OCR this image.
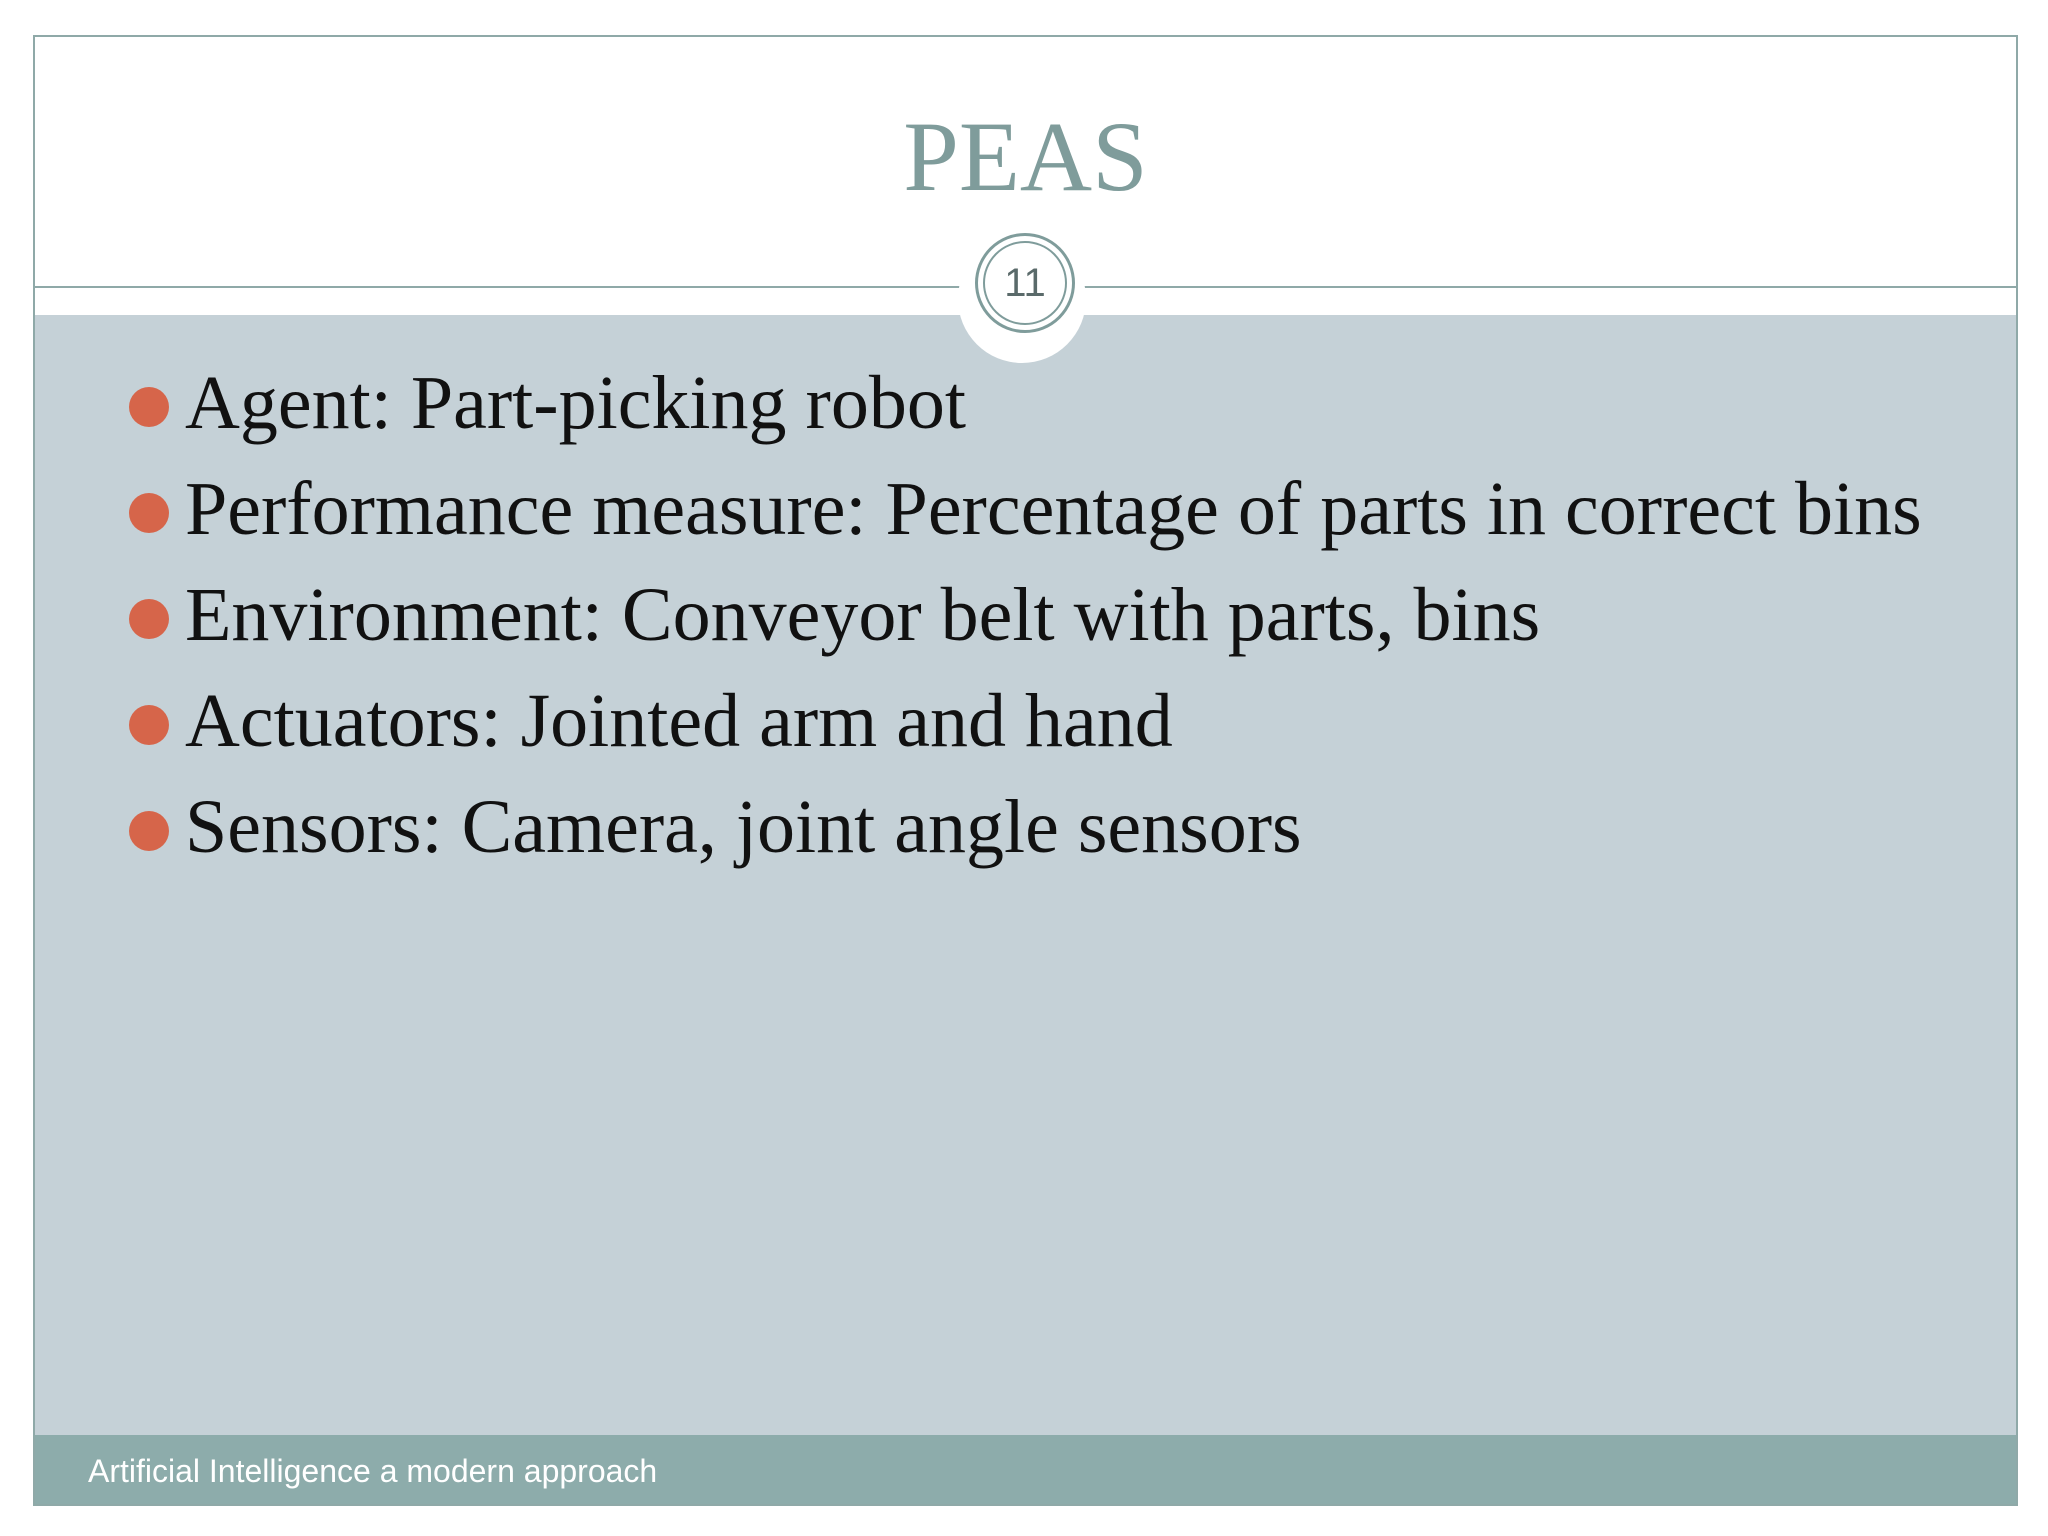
PEAS
11
Agent: Part-picking robot
Performance measure: Percentage of parts in correct bins
Environment: Conveyor belt with parts, bins
Actuators: Jointed arm and hand
Sensors: Camera, joint angle sensors
Artificial Intelligence a modern approach
